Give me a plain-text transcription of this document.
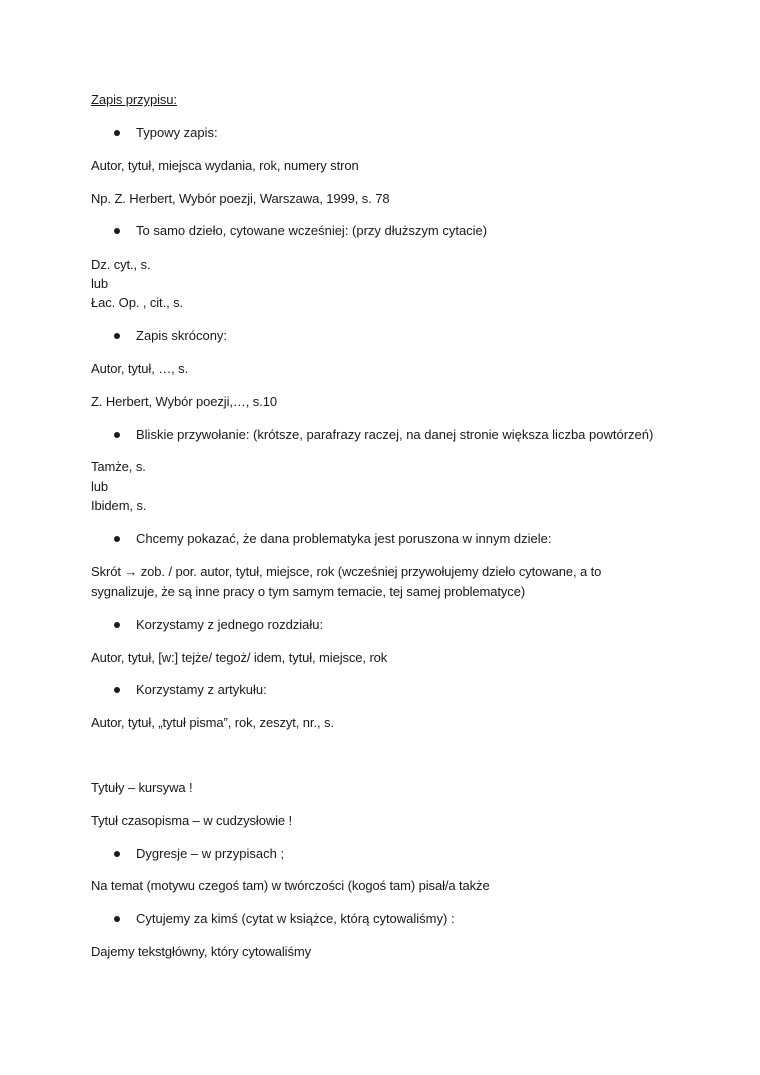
Zapis przypisu:
Typowy zapis:
Autor, tytuł, miejsca wydania, rok, numery stron
Np. Z. Herbert, Wybór poezji, Warszawa, 1999, s. 78
To samo dzieło, cytowane wcześniej: (przy dłuższym cytacie)
Dz. cyt., s.
lub
Łac. Op. , cit., s.
Zapis skrócony:
Autor, tytuł, …, s.
Z. Herbert, Wybór poezji,…, s.10
Bliskie przywołanie: (krótsze, parafrazy raczej, na danej stronie większa liczba powtórzeń)
Tamże, s.
lub
Ibidem, s.
Chcemy pokazać, że dana problematyka jest poruszona w innym dziele:
Skrót → zob. / por. autor, tytuł, miejsce, rok (wcześniej przywołujemy dzieło cytowane, a to
sygnalizuje, że są inne pracy o tym samym temacie, tej samej problematyce)
Korzystamy z jednego rozdziału:
Autor, tytuł, [w:] tejże/ tegoż/ idem, tytuł, miejsce, rok
Korzystamy z artykułu:
Autor, tytuł, „tytuł pisma”, rok, zeszyt, nr., s.
Tytuły – kursywa !
Tytuł czasopisma – w cudzysłowie !
Dygresje – w przypisach ;
Na temat (motywu czegoś tam) w twórczości (kogoś tam) pisał/a także
Cytujemy za kimś (cytat w książce, którą cytowaliśmy) :
Dajemy tekstgłówny, który cytowaliśmy
